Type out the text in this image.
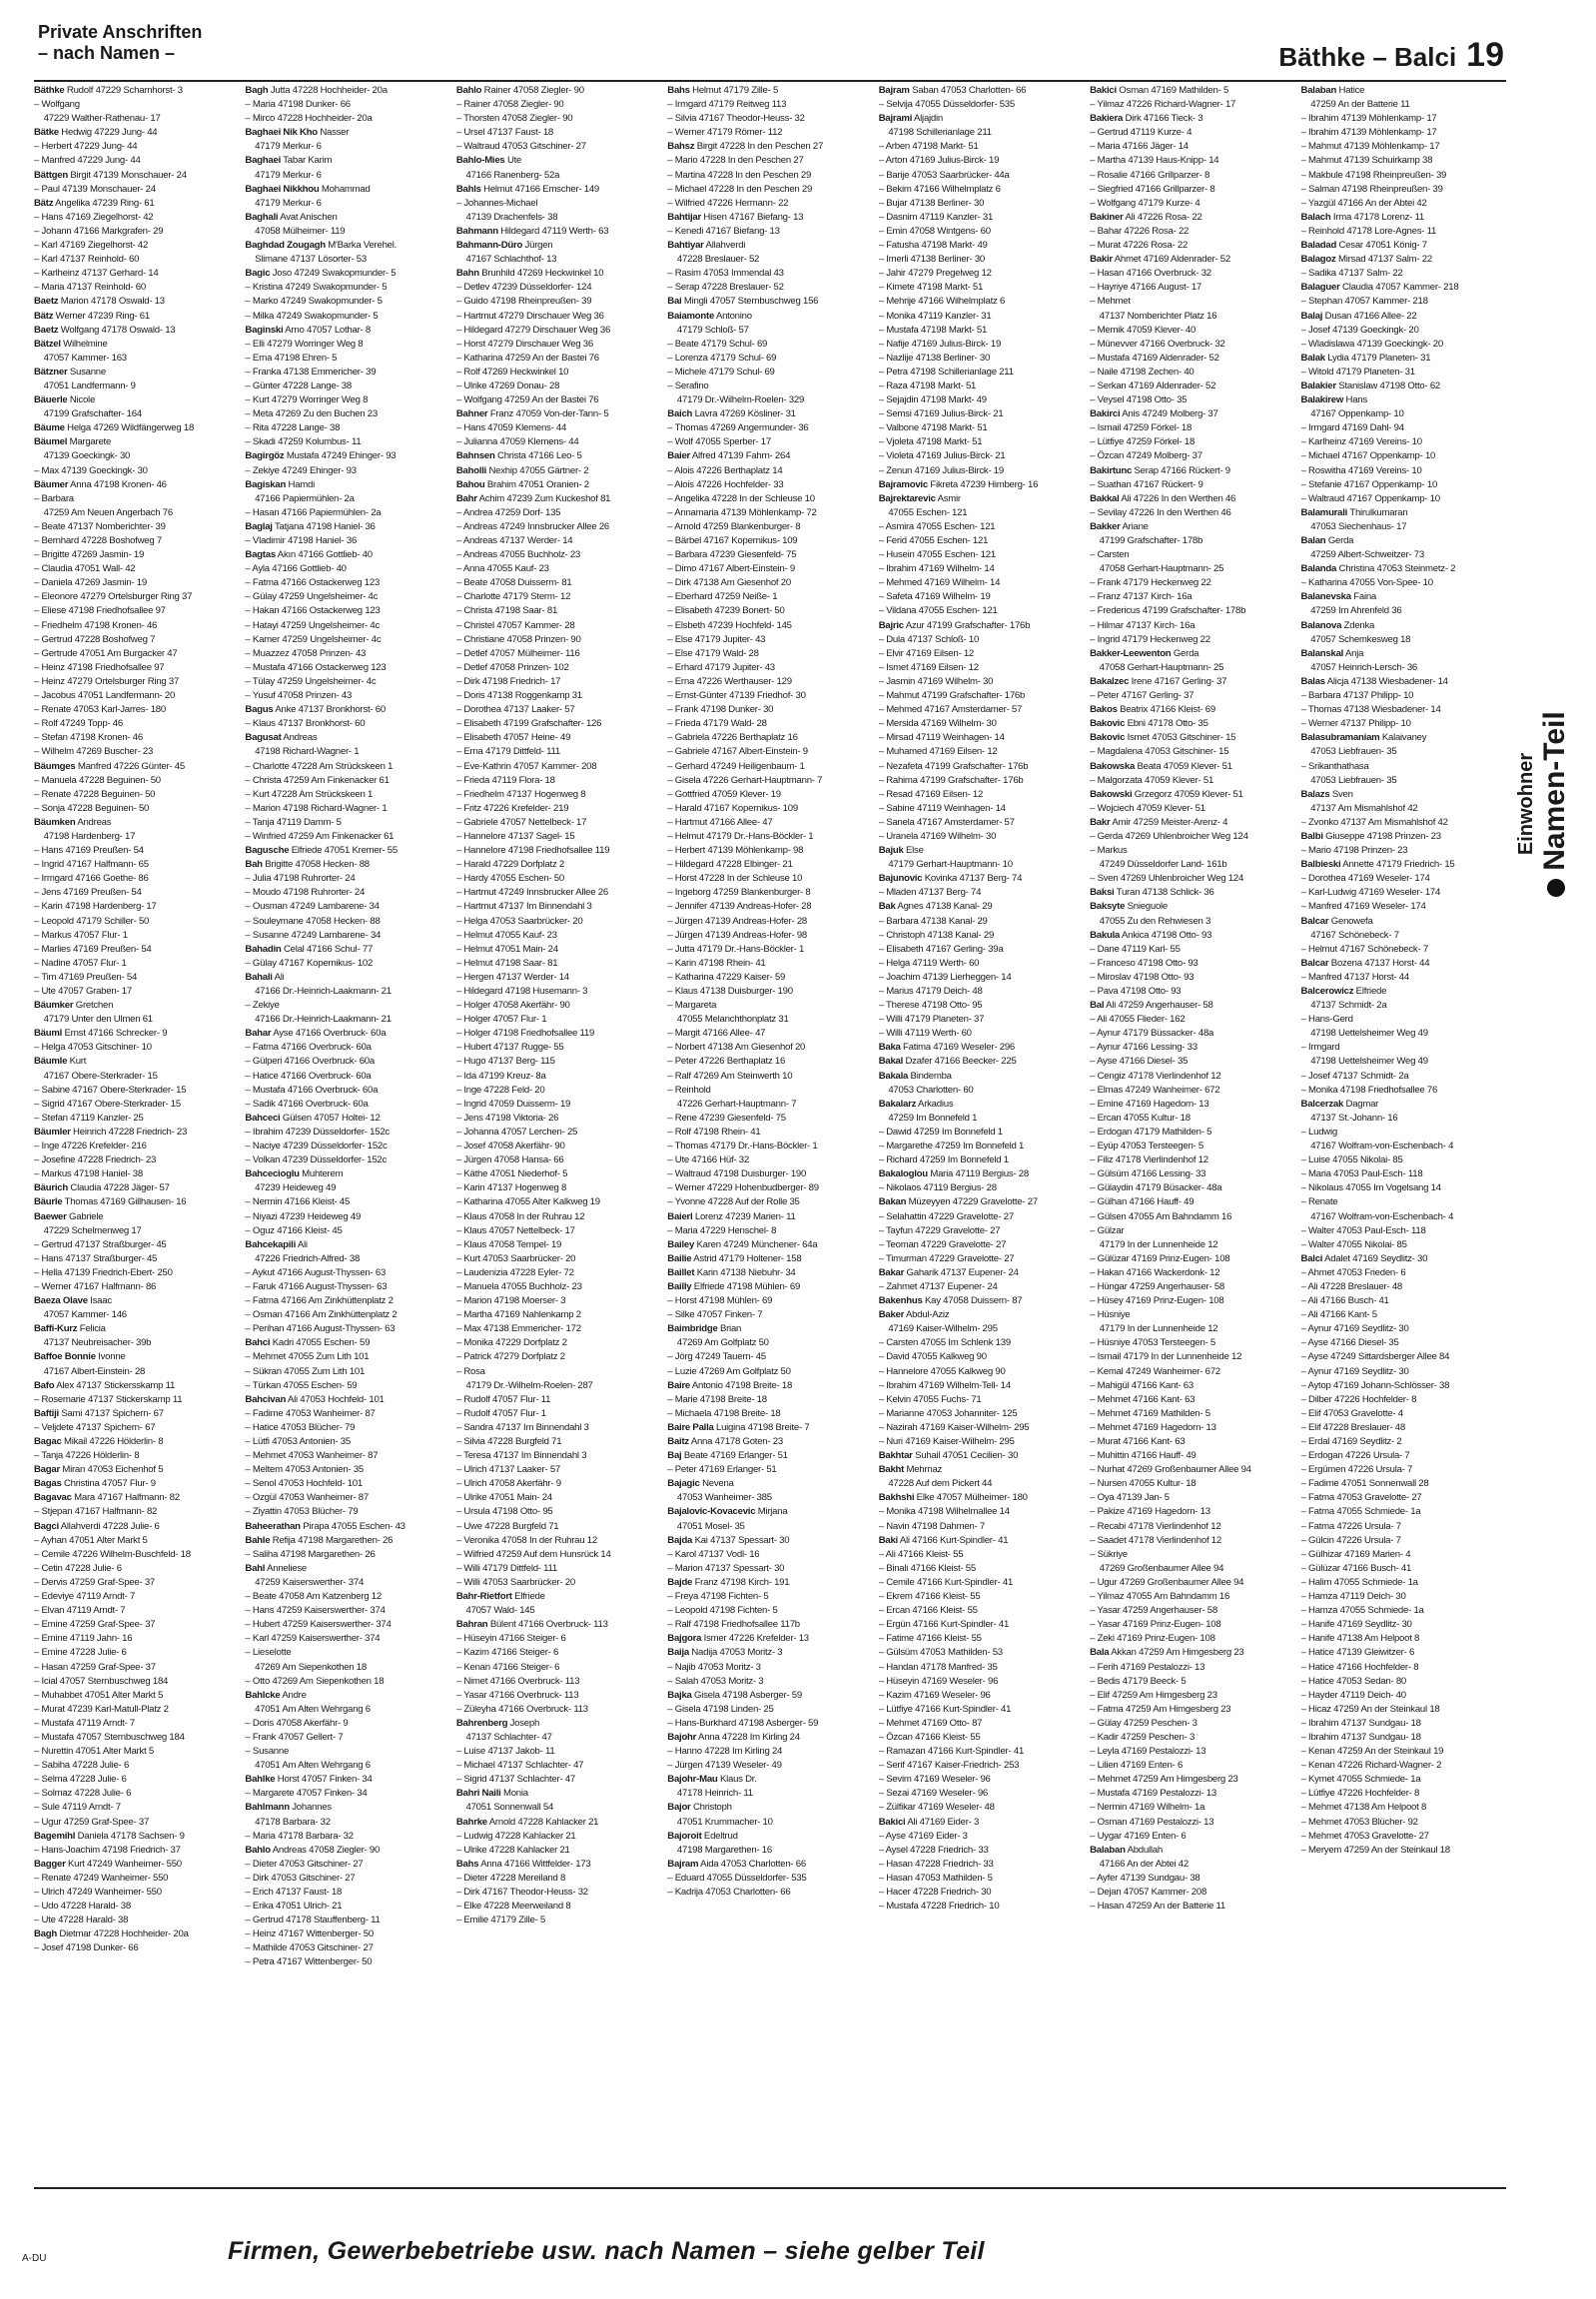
Private Anschriften
– nach Namen –	Bäthke – Balci 19
Bäthke Rudolf 47229 Scharnhorst- 3
– Wolfgang
47229 Walther-Rathenau- 17
Bätke Hedwig 47229 Jung- 44
– Herbert 47229 Jung- 44
– Manfred 47229 Jung- 44
Bättgen Birgit 47139 Monschauer- 24
– Paul 47139 Monschauer- 24
Bätz Angelika 47239 Ring- 61
– Hans 47169 Ziegelhorst- 42
– Johann 47166 Markgrafen- 29
– Karl 47169 Ziegelhorst- 42
– Karl 47137 Reinhold- 60
– Karlheinz 47137 Gerhard- 14
– Maria 47137 Reinhold- 60
Baetz Marion 47178 Oswald- 13
Bätz Werner 47239 Ring- 61
Baetz Wolfgang 47178 Oswald- 13
Bätzel Wilhelmine
47057 Kammer- 163
Bätzner Susanne
47051 Landfermann- 9
Bäuerle Nicole
47199 Grafschafter- 164
Bäume Helga 47269 Wildfängerweg 18
Bäumel Margarete
47139 Goeckingk- 30
– Max 47139 Goeckingk- 30
Bäumer Anna 47198 Kronen- 46
– Barbara
47259 Am Neuen Angerbach 76
– Beate 47137 Nomberichter- 39
– Bernhard 47228 Boshofweg 7
– Brigitte 47269 Jasmin- 19
– Claudia 47051 Wall- 42
– Daniela 47269 Jasmin- 19
– Eleonore 47279 Ortelsburger Ring 37
– Eliese 47198 Friedhofsallee 97
– Friedhelm 47198 Kronen- 46
– Gertrud 47228 Boshofweg 7
– Gertrude 47051 Am Burgacker 47
– Heinz 47198 Friedhofsallee 97
– Heinz 47279 Ortelsburger Ring 37
– Jacobus 47051 Landfermann- 20
– Renate 47053 Karl-Jarres- 180
– Rolf 47249 Topp- 46
– Stefan 47198 Kronen- 46
– Wilhelm 47269 Buscher- 23
Bäumges Manfred 47226 Günter- 45
– Manuela 47228 Beguinen- 50
– Renate 47228 Beguinen- 50
– Sonja 47228 Beguinen- 50
Bäumken Andreas
47198 Hardenberg- 17
– Hans 47169 Preußen- 54
– Ingrid 47167 Halfmann- 65
– Irmgard 47166 Goethe- 86
– Jens 47169 Preußen- 54
– Karin 47198 Hardenberg- 17
– Leopold 47179 Schiller- 50
– Markus 47057 Flur- 1
– Marlies 47169 Preußen- 54
– Nadine 47057 Flur- 1
– Tim 47169 Preußen- 54
– Ute 47057 Graben- 17
Bäumker Gretchen
47179 Unter den Ulmen 61
Bäuml Ernst 47166 Schrecker- 9
– Helga 47053 Gitschiner- 10
Bäumle Kurt
47167 Obere-Sterkrader- 15
– Sabine 47167 Obere-Sterkrader- 15
– Sigrid 47167 Obere-Sterkrader- 15
– Stefan 47119 Kanzler- 25
Bäumler Heinrich 47228 Friedrich- 23
– Inge 47226 Krefelder- 216
– Josefine 47228 Friedrich- 23
– Markus 47198 Haniel- 38
Bäurich Claudia 47228 Jäger- 57
Bäurle Thomas 47169 Gillhausen- 16
Baewer Gabriele
47229 Schelmenweg 17
– Gertrud 47137 Straßburger- 45
– Hans 47137 Straßburger- 45
– Hella 47139 Friedrich-Ebert- 250
– Werner 47167 Halfmann- 86
Baeza Olave Isaac
47057 Kammer- 146
Baffi-Kurz Felicia
47137 Neubreisacher- 39b
Baffoe Bonnie Ivonne
47167 Albert-Einstein- 28
Bafo Alex 47137 Stickersskamp 11
– Rosemarie 47137 Stickerskamp 11
Baftiji Sami 47137 Spichern- 67
– Veljdete 47137 Spichern- 67
Bagac Mikail 47226 Hölderlin- 8
– Tanja 47226 Hölderlin- 8
Bagar Miran 47053 Eichenhof 5
Bagas Christina 47057 Flur- 9
Bagavac Mara 47167 Halfmann- 82
– Stjepan 47167 Halfmann- 82
Bagci Allahverdi 47228 Julie- 6
– Ayhan 47051 Alter Markt 5
– Cemile 47226 Wilhelm-Buschfeld- 18
– Cetin 47228 Julie- 6
– Dervis 47259 Graf-Spee- 37
– Edeviye 47119 Arndt- 7
– Elvan 47119 Arndt- 7
– Emine 47259 Graf-Spee- 37
– Emine 47119 Jahn- 16
– Emine 47228 Julie- 6
– Hasan 47259 Graf-Spee- 37
– Icial 47057 Sternbuschweg 184
– Muhabbet 47051 Alter Markt 5
– Murat 47239 Karl-Matull-Platz 2
– Mustafa 47119 Arndt- 7
– Mustafa 47057 Sternbuschweg 184
– Nurettin 47051 Alter Markt 5
– Sabiha 47228 Julie- 6
– Selma 47228 Julie- 6
– Solmaz 47228 Julie- 6
– Sule 47119 Arndt- 7
– Ugur 47259 Graf-Spee- 37
Bagemihl Daniela 47178 Sachsen- 9
– Hans-Joachim 47198 Friedrich- 37
Bagger Kurt 47249 Wanheimer- 550
– Renate 47249 Wanheimer- 550
– Ulrich 47249 Wanheimer- 550
– Udo 47228 Harald- 38
– Ute 47228 Harald- 38
Bagh Dietmar 47228 Hochheider- 20a
– Josef 47198 Dunker- 66
Bagh Jutta 47228 Hochheider- 20a
– Maria 47198 Dunker- 66
– Mirco 47228 Hochheider- 20a
Baghaei Nik Kho Nasser
47179 Merkur- 6
Baghaei Tabar Karim
47179 Merkur- 6
Baghaei Nikkhou Mohammad
47179 Merkur- 6
Baghali Avat Anischen
47058 Mülheimer- 119
Baghdad Zougagh M'Barka Verehel.
Slimane 47137 Lösorter- 53
Bagic Joso 47249 Swakopmunder- 5
– Kristina 47249 Swakopmunder- 5
– Marko 47249 Swakopmunder- 5
– Milka 47249 Swakopmunder- 5
Baginski Arno 47057 Lothar- 8
– Elli 47279 Worringer Weg 8
– Erna 47198 Ehren- 5
– Franka 47138 Emmericher- 39
– Günter 47228 Lange- 38
– Kurt 47279 Worringer Weg 8
– Meta 47269 Zu den Buchen 23
– Rita 47228 Lange- 38
– Skadi 47259 Kolumbus- 11
Bagirgöz Mustafa 47249 Ehinger- 93
– Zekiye 47249 Ehinger- 93
Bagiskan Hamdi
47166 Papiermühlen- 2a
– Hasan 47166 Papiermühlen- 2a
Baglaj Tatjana 47198 Haniel- 36
– Vladimir 47198 Haniel- 36
Bagtas Akın 47166 Gottlieb- 40
– Ayla 47166 Gottlieb- 40
– Fatma 47166 Ostackerweg 123
– Gülay 47259 Ungelsheimer- 4c
– Hakan 47166 Ostackerweg 123
– Hatayi 47259 Ungelsheimer- 4c
– Kamer 47259 Ungelsheimer- 4c
– Muazzez 47058 Prinzen- 43
– Mustafa 47166 Ostackerweg 123
– Tülay 47259 Ungelsheimer- 4c
– Yusuf 47058 Prinzen- 43
Bagus Anke 47137 Bronkhorst- 60
– Klaus 47137 Bronkhorst- 60
Bagusat Andreas
47198 Richard-Wagner- 1
– Charlotte 47228 Am Strückskeen 1
– Christa 47259 Am Finkenacker 61
– Kurt 47228 Am Strückskeen 1
– Marion 47198 Richard-Wagner- 1
– Tanja 47119 Damm- 5
– Winfried 47259 Am Finkenacker 61
Bagusche Elfriede 47051 Kremer- 55
Bah Brigitte 47058 Hecken- 88
– Julia 47198 Ruhrorter- 24
– Moudo 47198 Ruhrorter- 24
– Ousman 47249 Lambarene- 34
– Souleymane 47058 Hecken- 88
– Susanne 47249 Lambarene- 34
Bahadin Celal 47166 Schul- 77
– Gülay 47167 Kopernikus- 102
Bahali Ali
47166 Dr.-Heinrich-Laakmann- 21
– Zekiye
47166 Dr.-Heinrich-Laakmann- 21
Bahar Ayse 47166 Overbruck- 60a
– Fatma 47166 Overbruck- 60a
– Gülperi 47166 Overbruck- 60a
– Hatice 47166 Overbruck- 60a
– Mustafa 47166 Overbruck- 60a
– Sadik 47166 Overbruck- 60a
Bahceci Gülsen 47057 Holtei- 12
– Ibrahim 47239 Düsseldorfer- 152c
– Naciye 47239 Düsseldorfer- 152c
– Volkan 47239 Düsseldorfer- 152c
Bahcecioglu Muhterem
47239 Heideweg 49
– Nermin 47166 Kleist- 45
– Niyazi 47239 Heideweg 49
– Oguz 47166 Kleist- 45
Bahcekapili Ali
47226 Friedrich-Alfred- 38
– Aykut 47166 August-Thyssen- 63
– Faruk 47166 August-Thyssen- 63
– Fatma 47166 Am Zinkhüttenplatz 2
– Osman 47166 Am Zinkhüttenplatz 2
– Perihan 47166 August-Thyssen- 63
Bahci Kadri 47055 Eschen- 59
– Mehmet 47055 Zum Lith 101
– Sükran 47055 Zum Lith 101
– Türkan 47055 Eschen- 59
Bahcivan Ali 47053 Hochfeld- 101
– Fadime 47053 Wanheimer- 87
– Hatice 47053 Blücher- 79
– Lütfi 47053 Antonien- 35
– Mehmet 47053 Wanheimer- 87
– Meltem 47053 Antonien- 35
– Senol 47053 Hochfeld- 101
– Ozgül 47053 Wanheimer- 87
– Ziyattin 47053 Blücher- 79
Baheerathan Pirapa 47055 Eschen- 43
Bahle Refija 47198 Margarethen- 26
– Saliha 47198 Margarethen- 26
Bahl Anneliese
47259 Kaiserswerther- 374
– Beate 47058 Am Katzenberg 12
– Hans 47259 Kaiserswerther- 374
– Hubert 47259 Kaiserswerther- 374
– Karl 47259 Kaiserswerther- 374
– Lieselotte
47269 Am Siepenkothen 18
– Otto 47269 Am Siepenkothen 18
Bahlcke Andre
47051 Am Alten Wehrgang 6
– Doris 47058 Akerfähr- 9
– Frank 47057 Gellert- 7
– Susanne
47051 Am Alten Wehrgang 6
Bahlke Horst 47057 Finken- 34
– Margarete 47057 Finken- 34
Bahlmann Johannes
47178 Barbara- 32
– Maria 47178 Barbara- 32
Bahlo Andreas 47058 Ziegler- 90
– Dieter 47053 Gitschiner- 27
– Dirk 47053 Gitschiner- 27
– Erich 47137 Faust- 18
– Erika 47051 Ulrich- 21
– Gertrud 47178 Stauffenberg- 11
– Heinz 47167 Wittenberger- 50
– Mathilde 47053 Gitschiner- 27
– Petra 47167 Wittenberger- 50
Bahlo Rainer 47058 Ziegler- 90
– Rainer 47058 Ziegler- 90
– Thorsten 47058 Ziegler- 90
– Ursel 47137 Faust- 18
– Waltraud 47053 Gitschiner- 27
Bahlo-Mies Ute
47166 Ranenberg- 52a
Bahls Helmut 47166 Emscher- 149
– Johannes-Michael
47139 Drachenfels- 38
Bahmann Hildegard 47119 Werth- 63
Bahmann-Düro Jürgen
47167 Schlachthof- 13
Bahn Brunhild 47269 Heckwinkel 10
– Detlev 47239 Düsseldorfer- 124
– Guido 47198 Rheinpreußen- 39
– Hartmut 47279 Dirschauer Weg 36
– Hildegard 47279 Dirschauer Weg 36
– Horst 47279 Dirschauer Weg 36
– Katharina 47259 An der Bastei 76
– Rolf 47269 Heckwinkel 10
– Ulrike 47269 Donau- 28
– Wolfgang 47259 An der Bastei 76
Bahner Franz 47059 Von-der-Tann- 5
– Hans 47059 Klemens- 44
– Julianna 47059 Klemens- 44
Bahnsen Christa 47166 Leo- 5
Baholli Nexhip 47055 Gärtner- 2
Bahou Brahim 47051 Oranien- 2
Bahr Achim 47239 Zum Kuckeshof 81
– Andrea 47259 Dorf- 135
– Andreas 47249 Innsbrucker Allee 26
– Andreas 47137 Werder- 14
– Andreas 47055 Buchholz- 23
– Anna 47055 Kauf- 23
– Beate 47058 Duisserm- 81
– Charlotte 47179 Sterm- 12
– Christa 47198 Saar- 81
– Christel 47057 Kammer- 28
– Christiane 47058 Prinzen- 90
– Detlef 47057 Mülheimer- 116
– Detlef 47058 Prinzen- 102
– Dirk 47198 Friedrich- 17
– Doris 47138 Roggenkamp 31
– Dorothea 47137 Laaker- 57
– Elisabeth 47199 Grafschafter- 126
– Elisabeth 47057 Heine- 49
– Erna 47179 Dittfeld- 111
– Eve-Kathrin 47057 Kammer- 208
– Frieda 47119 Flora- 18
– Friedhelm 47137 Hogenweg 8
– Fritz 47226 Krefelder- 219
– Gabriele 47057 Nettelbeck- 17
– Hannelore 47137 Sagel- 15
– Hannelore 47198 Friedhofsallee 119
– Harald 47229 Dorfplatz 2
– Hardy 47055 Eschen- 50
– Hartmut 47249 Innsbrucker Allee 26
– Hartmut 47137 Im Binnendahl 3
– Helga 47053 Saarbrücker- 20
– Helmut 47055 Kauf- 23
– Helmut 47051 Main- 24
– Helmut 47198 Saar- 81
– Hergen 47137 Werder- 14
– Hildegard 47198 Husemann- 3
– Holger 47058 Akerfähr- 90
– Holger 47057 Flur- 1
– Holger 47198 Friedhofsallee 119
– Hubert 47137 Rugge- 55
– Hugo 47137 Berg- 115
– Ida 47199 Kreuz- 8a
– Inge 47228 Feld- 20
– Ingrid 47059 Duisserm- 19
– Jens 47198 Viktoria- 26
– Johanna 47057 Lerchen- 25
– Josef 47058 Akerfähr- 90
– Jürgen 47058 Hansa- 66
– Käthe 47051 Niederhof- 5
– Karin 47137 Hogenweg 8
– Katharina 47055 Alter Kalkweg 19
– Klaus 47058 In der Ruhrau 12
– Klaus 47057 Nettelbeck- 17
– Klaus 47058 Tempel- 19
– Kurt 47053 Saarbrücker- 20
– Laudenizia 47228 Eyler- 72
– Manuela 47055 Buchholz- 23
– Marion 47198 Moerser- 3
– Martha 47169 Nahlenkamp 2
– Max 47138 Emmericher- 172
– Monika 47229 Dorfplatz 2
– Patrick 47279 Dorfplatz 2
– Rosa
47179 Dr.-Wilhelm-Roelen- 287
– Rudolf 47057 Flur- 11
– Rudolf 47057 Flur- 1
– Sandra 47137 Im Binnendahl 3
– Silvia 47228 Burgfeld 71
– Teresa 47137 Im Binnendahl 3
– Ulrich 47137 Laaker- 57
– Ulrich 47058 Akerfähr- 9
– Ulrike 47051 Main- 24
– Ursula 47198 Otto- 95
– Uwe 47228 Burgfeld 71
– Veronika 47058 In der Ruhrau 12
– Wilfried 47259 Auf dem Hunsrück 14
– Willi 47179 Dittfeld- 111
– Willi 47053 Saarbrücker- 20
Bahr-Rietfort Elfriede
47057 Wald- 145
Bahran Bülent 47166 Overbruck- 113
– Hüseyin 47166 Steiger- 6
– Kazim 47166 Steiger- 6
– Kenan 47166 Steiger- 6
– Nimet 47166 Overbruck- 113
– Yasar 47166 Overbruck- 113
– Züleyha 47166 Overbruck- 113
Bahrenberg Joseph
47137 Schlachter- 47
– Luise 47137 Jakob- 11
– Michael 47137 Schlachter- 47
– Sigrid 47137 Schlachter- 47
Bahri Naili Monia
47051 Sonnenwall 54
Bahrke Arnold 47228 Kahlacker 21
– Ludwig 47228 Kahlacker 21
– Ulrike 47228 Kahlacker 21
Bahs Anna 47166 Wittfelder- 173
– Dieter 47228 Mereiland 8
– Dirk 47167 Theodor-Heuss- 32
– Elke 47228 Meerweiland 8
– Emilie 47179 Zille- 5
Bahs Helmut 47179 Zille- 5
– Irmgard 47179 Reitweg 113
– Silvia 47167 Theodor-Heuss- 32
– Werner 47179 Römer- 112
Bahsz Birgit 47228 In den Peschen 27
– Mario 47228 In den Peschen 27
– Martina 47228 In den Peschen 29
– Michael 47228 In den Peschen 29
– Wilfried 47226 Hermann- 22
Bahtijar Hisen 47167 Biefang- 13
– Kenedi 47167 Biefang- 13
Bahtiyar Allahverdi
47228 Breslauer- 52
– Rasim 47053 Immendal 43
– Serap 47228 Breslauer- 52
Bai Mingli 47057 Sternbuschweg 156
Baiamonte Antonino
47179 Schloß- 57
– Beate 47179 Schul- 69
– Lorenza 47179 Schul- 69
– Michele 47179 Schul- 69
– Serafino
47179 Dr.-Wilhelm-Roelen- 329
Baich Lavra 47269 Kösliner- 31
– Thomas 47269 Angermunder- 36
– Wolf 47055 Sperber- 17
Baier Alfred 47139 Fahrn- 264
– Alois 47226 Berthaplatz 14
– Alois 47226 Hochfelder- 33
– Angelika 47228 In der Schleuse 10
– Annamaria 47139 Möhlenkamp- 72
– Arnold 47259 Blankenburger- 8
– Bärbel 47167 Kopernikus- 109
– Barbara 47239 Giesenfeld- 75
– Dimo 47167 Albert-Einstein- 9
– Dirk 47138 Am Giesenhof 20
– Eberhard 47259 Neiße- 1
– Elisabeth 47239 Bonert- 50
– Elsbeth 47239 Hochfeld- 145
– Else 47179 Jupiter- 43
– Else 47179 Wald- 28
– Erhard 47179 Jupiter- 43
– Erna 47226 Werthauser- 129
– Ernst-Günter 47139 Friedhof- 30
– Frank 47198 Dunker- 30
– Frieda 47179 Wald- 28
– Gabriela 47226 Berthaplatz 16
– Gabriele 47167 Albert-Einstein- 9
– Gerhard 47249 Heiligenbaum- 1
– Gisela 47226 Gerhart-Hauptmann- 7
– Gottfried 47059 Klever- 19
– Harald 47167 Kopernikus- 109
– Hartmut 47166 Allee- 47
– Helmut 47179 Dr.-Hans-Böckler- 1
– Herbert 47139 Möhlenkamp- 98
– Hildegard 47228 Elbinger- 21
– Horst 47228 In der Schleuse 10
– Ingeborg 47259 Blankenburger- 8
– Jennifer 47139 Andreas-Hofer- 28
– Jürgen 47139 Andreas-Hofer- 28
– Jürgen 47139 Andreas-Hofer- 98
– Jutta 47179 Dr.-Hans-Böckler- 1
– Karin 47198 Rhein- 41
– Katharina 47229 Kaiser- 59
– Klaus 47138 Duisburger- 190
– Margareta
47055 Melanchthonplatz 31
– Margit 47166 Allee- 47
– Norbert 47138 Am Giesenhof 20
– Peter 47226 Berthaplatz 16
– Ralf 47269 Am Steinwerth 10
– Reinhold
47226 Gerhart-Hauptmann- 7
– Rene 47239 Giesenfeld- 75
– Rolf 47198 Rhein- 41
– Thomas 47179 Dr.-Hans-Böckler- 1
– Ute 47166 Hüf- 32
– Waltraud 47198 Duisburger- 190
– Werner 47229 Hohenbudberger- 89
– Yvonne 47228 Auf der Rolle 35
Baierl Lorenz 47239 Marien- 11
– Maria 47229 Henschel- 8
Bailey Karen 47249 Münchener- 64a
Bailie Astrid 47179 Holtener- 158
Baillet Karin 47138 Niebuhr- 34
Bailly Elfriede 47198 Mühlen- 69
– Horst 47198 Mühlen- 69
– Silke 47057 Finken- 7
Baimbridge Brian
47269 Am Golfplatz 50
– Jörg 47249 Tauern- 45
– Luzie 47269 Am Golfplatz 50
Baire Antonio 47198 Breite- 18
– Marie 47198 Breite- 18
– Michaela 47198 Breite- 18
Baire Palla Luigina 47198 Breite- 7
Baitz Anna 47178 Goten- 23
Baj Beate 47169 Erlanger- 51
– Peter 47169 Erlanger- 51
Bajagic Nevena
47053 Wanheimer- 385
Bajalovic-Kovacevic Mirjana
47051 Mosel- 35
Bajda Kai 47137 Spessart- 30
– Karol 47137 Vodl- 16
– Marion 47137 Spessart- 30
Bajde Franz 47198 Kirch- 191
– Freya 47198 Fichten- 5
– Leopold 47198 Fichten- 5
– Ralf 47198 Friedhofsallee 117b
Bajgora Ismer 47226 Krefelder- 13
Baija Nadija 47053 Moritz- 3
– Najib 47053 Moritz- 3
– Salah 47053 Moritz- 3
Bajka Gisela 47198 Asberger- 59
– Gisela 47198 Linden- 25
– Hans-Burkhard 47198 Asberger- 59
Bajohr Anna 47228 Im Kirling 24
– Hanno 47228 Im Kirling 24
– Jürgen 47139 Weseler- 49
Bajohr-Mau Klaus Dr.
47178 Heinrich- 11
Bajor Christoph
47051 Krummacher- 10
Bajoroit Edeltrud
47198 Margarethen- 16
Bajram Aida 47053 Charlotten- 66
– Eduard 47055 Düsseldorfer- 535
– Kadrija 47053 Charlotten- 66
Bajram Saban 47053 Charlotten- 66
– Selvija 47055 Düsseldorfer- 535
Bajrami Aljajdin
47198 Schillerianlage 211
– Arben 47198 Markt- 51
– Arton 47169 Julius-Birck- 19
– Barije 47053 Saarbrücker- 44a
– Bekim 47166 Wilhelmplatz 6
– Bujar 47138 Berliner- 30
– Dasnim 47119 Kanzler- 31
– Emin 47058 Wintgens- 60
– Fatusha 47198 Markt- 49
– Imerli 47138 Berliner- 30
– Jahir 47279 Pregelweg 12
– Kimete 47198 Markt- 51
– Mehrije 47166 Wilhelmplatz 6
– Monika 47119 Kanzler- 31
– Mustafa 47198 Markt- 51
– Nafije 47169 Julius-Birck- 19
– Nazlije 47138 Berliner- 30
– Petra 47198 Schillerianlage 211
– Raza 47198 Markt- 51
– Sejajdin 47198 Markt- 49
– Semsi 47169 Julius-Birck- 21
– Valbone 47198 Markt- 51
– Vjoleta 47198 Markt- 51
– Violeta 47169 Julius-Birck- 21
– Zenun 47169 Julius-Birck- 19
Bajramovic Fikreta 47239 Himberg- 16
Bajrektarevic Asmir
47055 Eschen- 121
– Asmira 47055 Eschen- 121
– Ferid 47055 Eschen- 121
– Husein 47055 Eschen- 121
– Ibrahim 47169 Wilhelm- 14
– Mehmed 47169 Wilhelm- 14
– Safeta 47169 Wilhelm- 19
– Vildana 47055 Eschen- 121
Bajric Azur 47199 Grafschafter- 176b
– Dula 47137 Schloß- 10
– Elvir 47169 Eilsen- 12
– Ismet 47169 Eilsen- 12
– Jasmin 47169 Wilhelm- 30
– Mahmut 47199 Grafschafter- 176b
– Mehmed 47167 Amsterdamer- 57
– Mersida 47169 Wilhelm- 30
– Mirsad 47119 Weinhagen- 14
– Muhamed 47169 Eilsen- 12
– Nezafeta 47199 Grafschafter- 176b
– Rahima 47199 Grafschafter- 176b
– Resad 47169 Eilsen- 12
– Sabine 47119 Weinhagen- 14
– Sanela 47167 Amsterdamer- 57
– Uranela 47169 Wilhelm- 30
Bajuk Else
47179 Gerhart-Hauptmann- 10
Bajunovic Kovinka 47137 Berg- 74
– Mladen 47137 Berg- 74
Bak Agnes 47138 Kanal- 29
– Barbara 47138 Kanal- 29
– Christoph 47138 Kanal- 29
– Elisabeth 47167 Gerling- 39a
– Helga 47119 Werth- 60
– Joachim 47139 Lierheggen- 14
– Marius 47179 Deich- 48
– Therese 47198 Otto- 95
– Willi 47179 Planeten- 37
– Willi 47119 Werth- 60
Baka Fatima 47169 Weseler- 296
Bakal Dzafer 47166 Beecker- 225
Bakala Bindemba
47053 Charlotten- 60
Bakalarz Arkadius
47259 Im Bonnefeld 1
– Dawid 47259 Im Bonnefeld 1
– Margarethe 47259 Im Bonnefeld 1
– Richard 47259 Im Bonnefeld 1
Bakaloglou Maria 47119 Bergius- 28
– Nikolaos 47119 Bergius- 28
Bakan Müzeyyen 47229 Gravelotte- 27
– Selahattin 47229 Gravelotte- 27
– Tayfun 47229 Gravelotte- 27
– Teoman 47229 Gravelotte- 27
– Timurman 47229 Gravelotte- 27
Bakar Gaharik 47137 Eupener- 24
– Zahmet 47137 Eupener- 24
Bakenhus Kay 47058 Duissern- 87
Baker Abdul-Aziz
47169 Kaiser-Wilhelm- 295
– Carsten 47055 Im Schlenk 139
– David 47055 Kalkweg 90
– Hannelore 47055 Kalkweg 90
– Ibrahim 47169 Wilhelm-Tell- 14
– Kelvin 47055 Fuchs- 71
– Marianne 47053 Johanniter- 125
– Nazirah 47169 Kaiser-Wilhelm- 295
– Nuri 47169 Kaiser-Wilhelm- 295
Bakhtar Suhail 47051 Cecilien- 30
Bakht Mehrnaz
47228 Auf dem Pickert 44
Bakhshi Elke 47057 Mülheimer- 180
– Monika 47198 Wilhelmallee 14
– Navin 47198 Dahmen- 7
Baki Ali 47166 Kurt-Spindler- 41
– Ali 47166 Kleist- 55
– Binali 47166 Kleist- 55
– Cemile 47166 Kurt-Spindler- 41
– Ekrem 47166 Kleist- 55
– Ercan 47166 Kleist- 55
– Ergün 47166 Kurt-Spindler- 41
– Fatime 47166 Kleist- 55
– Gülsüm 47053 Mathilden- 53
– Handan 47178 Manfred- 35
– Hüseyin 47169 Weseler- 96
– Kazim 47169 Weseler- 96
– Lütfiye 47166 Kurt-Spindler- 41
– Mehmet 47169 Otto- 87
– Özcan 47166 Kleist- 55
– Ramazan 47166 Kurt-Spindler- 41
– Serif 47167 Kaiser-Friedrich- 253
– Sevim 47169 Weseler- 96
– Sezai 47169 Weseler- 96
– Zülfikar 47169 Weseler- 48
Bakici Ali 47169 Eider- 3
– Ayse 47169 Eider- 3
– Aysel 47228 Friedrich- 33
– Hasan 47228 Friedrich- 33
– Hasan 47053 Mathilden- 5
– Hacer 47228 Friedrich- 30
– Mustafa 47228 Friedrich- 10
Bakici Osman 47169 Mathilden- 5
– Yilmaz 47226 Richard-Wagner- 17
Bakiera Dirk 47166 Tieck- 3
– Gertrud 47119 Kurze- 4
– Maria 47166 Jäger- 14
– Martha 47139 Haus-Knipp- 14
– Rosalie 47166 Grillparzer- 8
– Siegfried 47166 Grillparzer- 8
– Wolfgang 47179 Kurze- 4
Bakiner Ali 47226 Rosa- 22
– Bahar 47226 Rosa- 22
– Murat 47226 Rosa- 22
Bakir Ahmet 47169 Aldenrader- 52
– Hasan 47166 Overbruck- 32
– Hayriye 47166 August- 17
– Mehmet
47137 Nomberichter Platz 16
– Memik 47059 Klever- 40
– Münevver 47166 Overbruck- 32
– Mustafa 47169 Aldenrader- 52
– Naile 47198 Zechen- 40
– Serkan 47169 Aldenrader- 52
– Veysel 47198 Otto- 35
Bakirci Anis 47249 Molberg- 37
– Ismail 47259 Förkel- 18
– Lütfiye 47259 Förkel- 18
– Özcan 47249 Molberg- 37
Bakirtunc Serap 47166 Rückert- 9
– Suathan 47167 Rückert- 9
Bakkal Ali 47226 In den Werthen 46
– Sevilay 47226 In den Werthen 46
Bakker Ariane
47199 Grafschafter- 178b
– Carsten
47058 Gerhart-Hauptmann- 25
– Frank 47179 Heckenweg 22
– Franz 47137 Kirch- 16a
– Fredericus 47199 Grafschafter- 178b
– Hilmar 47137 Kirch- 16a
– Ingrid 47179 Heckenweg 22
Bakker-Leewenton Gerda
47058 Gerhart-Hauptmann- 25
Bakalzec Irene 47167 Gerling- 37
– Peter 47167 Gerling- 37
Bakos Beatrix 47166 Kleist- 69
Bakovic Ebni 47178 Otto- 35
Bakovic Ismet 47053 Gitschiner- 15
– Magdalena 47053 Gitschiner- 15
Bakowska Beata 47059 Klever- 51
– Malgorzata 47059 Klever- 51
Bakowski Grzegorz 47059 Klever- 51
– Wojciech 47059 Klever- 51
Bakr Amir 47259 Meister-Arenz- 4
– Gerda 47269 Uhlenbroicher Weg 124
– Markus
47249 Düsseldorfer Land- 161b
– Sven 47269 Uhlenbroicher Weg 124
Baksi Turan 47138 Schlick- 36
Baksyte Snieguole
47055 Zu den Rehwiesen 3
Bakula Ankica 47198 Otto- 93
– Dane 47119 Karl- 55
– Franceso 47198 Otto- 93
– Miroslav 47198 Otto- 93
– Pava 47198 Otto- 93
Bal Ali 47259 Angerhauser- 58
– Ali 47055 Flieder- 162
– Aynur 47179 Büssacker- 48a
– Aynur 47166 Lessing- 33
– Ayse 47166 Diesel- 35
– Cengiz 47178 Vierlindenhof 12
– Elmas 47249 Wanheimer- 672
– Emine 47169 Hagedorn- 13
– Ercan 47055 Kultur- 18
– Erdogan 47179 Mathilden- 5
– Eyüp 47053 Tersteegen- 5
– Filiz 47178 Vierlindenhof 12
– Gülsüm 47166 Lessing- 33
– Gülaydin 47179 Büsacker- 48a
– Gülhan 47166 Hauff- 49
– Gülsen 47055 Am Bahndamm 16
– Gülzar
47179 In der Lunnenheide 12
– Gülüzar 47169 Prinz-Eugen- 108
– Hakan 47166 Wackerdonk- 12
– Hüngar 47259 Angerhauser- 58
– Hüsey 47169 Prinz-Eugen- 108
– Hüsniye
47179 In der Lunnenheide 12
– Hüsniye 47053 Tersteegen- 5
– Ismail 47179 In der Lunnenheide 12
– Kemal 47249 Wanheimer- 672
– Mahigül 47166 Kant- 63
– Mehmet 47166 Kant- 63
– Mehmet 47169 Mathilden- 5
– Mehmet 47169 Hagedorn- 13
– Murat 47166 Kant- 63
– Muhittin 47166 Hauff- 49
– Nurhat 47269 Großenbaumer Allee 94
– Nursen 47055 Kultur- 18
– Oya 47139 Jan- 5
– Pakize 47169 Hagedorn- 13
– Recabi 47178 Vierlindenhof 12
– Saadet 47178 Vierlindenhof 12
– Sükriye
47269 Großenbaumer Allee 94
– Ugur 47269 Großenbaumer Allee 94
– Yilmaz 47055 Am Bahndamm 16
– Yasar 47259 Angerhauser- 58
– Yasar 47169 Prinz-Eugen- 108
– Zeki 47169 Prinz-Eugen- 108
Bala Akkan 47259 Am Himgesberg 23
– Ferih 47169 Pestalozzi- 13
– Bedis 47179 Beeck- 5
– Elif 47259 Am Himgesberg 23
– Fatma 47259 Am Himgesberg 23
– Gülay 47259 Peschen- 3
– Kadir 47259 Peschen- 3
– Leyla 47169 Pestalozzi- 13
– Lilien 47169 Enten- 6
– Mehmet 47259 Am Himgesberg 23
– Mustafa 47169 Pestalozzi- 13
– Nermin 47169 Wilhelm- 1a
– Osman 47169 Pestalozzi- 13
– Uygar 47169 Enten- 6
Balaban Abdullah
47166 An der Abtei 42
– Ayfer 47139 Sundgau- 38
– Dejan 47057 Kammer- 208
– Hasan 47259 An der Batterie 11
Balaban Hatice
47259 An der Batterie 11
– Ibrahim 47139 Möhlenkamp- 17
– Ibrahim 47139 Möhlenkamp- 17
– Mahmut 47139 Möhlenkamp- 17
– Mahmut 47139 Schuirkamp 38
– Makbule 47198 Rheinpreußen- 39
– Salman 47198 Rheinpreußen- 39
– Yazgül 47166 An der Abtei 42
Balach Irma 47178 Lorenz- 11
– Reinhold 47178 Lore-Agnes- 11
Baladad Cesar 47051 König- 7
Balagoz Mirsad 47137 Salm- 22
– Sadika 47137 Salm- 22
Balaguer Claudia 47057 Kammer- 218
– Stephan 47057 Kammer- 218
Balaj Dusan 47166 Allee- 22
– Josef 47139 Goeckingk- 20
– Wladislawa 47139 Goeckingk- 20
Balak Lydia 47179 Planeten- 31
– Witold 47179 Planeten- 31
Balakier Stanislaw 47198 Otto- 62
Balakirew Hans
47167 Oppenkamp- 10
– Irmgard 47169 Dahl- 94
– Karlheinz 47169 Vereins- 10
– Michael 47167 Oppenkamp- 10
– Roswitha 47169 Vereins- 10
– Stefanie 47167 Oppenkamp- 10
– Waltraud 47167 Oppenkamp- 10
Balamurali Thirulkumaran
47053 Siechenhaus- 17
Balan Gerda
47259 Albert-Schweitzer- 73
Balanda Christina 47053 Steinmetz- 2
– Katharina 47055 Von-Spee- 10
Balanevska Faina
47259 Im Ahrenfeld 36
Balanova Zdenka
47057 Schemkesweg 18
Balanskal Anja
47057 Heinrich-Lersch- 36
Balas Alicja 47138 Wiesbadener- 14
– Barbara 47137 Philipp- 10
– Thomas 47138 Wiesbadener- 14
– Werner 47137 Philipp- 10
Balasubramaniam Kalaivaney
47053 Liebfrauen- 35
– Srikanthathasa
47053 Liebfrauen- 35
Balazs Sven
47137 Am Mismahlshof 42
– Zvonko 47137 Am Mismahlshof 42
Balbi Giuseppe 47198 Prinzen- 23
– Mario 47198 Prinzen- 23
Balbieski Annette 47179 Friedrich- 15
– Dorothea 47169 Weseler- 174
– Karl-Ludwig 47169 Weseler- 174
– Manfred 47169 Weseler- 174
Balcar Genowefa
47167 Schönebeck- 7
– Helmut 47167 Schönebeck- 7
Balcar Bozena 47137 Horst- 44
– Manfred 47137 Horst- 44
Balcerowicz Elfriede
47137 Schmidt- 2a
– Hans-Gerd
47198 Uettelsheimer Weg 49
– Irmgard
47198 Uettelsheimer Weg 49
– Josef 47137 Schmidt- 2a
– Monika 47198 Friedhofsallee 76
Balcerzak Dagmar
47137 St.-Johann- 16
– Ludwig
47167 Wolfram-von-Eschenbach- 4
– Luise 47055 Nikolai- 85
– Maria 47053 Paul-Esch- 118
– Nikolaus 47055 Im Vogelsang 14
– Renate
47167 Wolfram-von-Eschenbach- 4
– Walter 47053 Paul-Esch- 118
– Walter 47055 Nikolai- 85
Balci Adalet 47169 Seydlitz- 30
– Ahmet 47053 Frieden- 6
– Ali 47228 Breslauer- 48
– Ali 47166 Busch- 41
– Ali 47166 Kant- 5
– Aynur 47169 Seydlitz- 30
– Ayse 47166 Diesel- 35
– Ayse 47249 Sittardsberger Allee 84
– Aynur 47169 Seydlitz- 30
– Aytop 47169 Johann-Schlösser- 38
– Dilber 47226 Hochfelder- 8
– Elif 47053 Gravelotte- 4
– Elif 47228 Breslauer- 48
– Erdal 47169 Seydlitz- 2
– Erdogan 47226 Ursula- 7
– Ergümen 47226 Ursula- 7
– Fadime 47051 Sonnenwall 28
– Fatma 47053 Gravelotte- 27
– Fatma 47055 Schmiede- 1a
– Fatma 47226 Ursula- 7
– Gülcin 47226 Ursula- 7
– Gülhizar 47169 Marien- 4
– Gülüzar 47166 Busch- 41
– Halim 47055 Schmiede- 1a
– Hamza 47119 Deich- 30
– Hamza 47055 Schmiede- 1a
– Hanife 47169 Seydlitz- 30
– Hanife 47138 Am Helpoot 8
– Hatice 47139 Gleiwitzer- 6
– Hatice 47166 Hochfelder- 8
– Hatice 47053 Sedan- 80
– Hayder 47119 Deich- 40
– Hicaz 47259 An der Steinkaul 18
– Ibrahim 47137 Sundgau- 18
– Ibrahim 47137 Sundgau- 18
– Kenan 47259 An der Steinkaul 19
– Kenan 47226 Richard-Wagner- 2
– Kymet 47055 Schmiede- 1a
– Lütfiye 47226 Hochfelder- 8
– Mehmet 47138 Am Helpoot 8
– Mehmet 47053 Blücher- 92
– Mehmet 47053 Gravelotte- 27
– Meryem 47259 An der Steinkaul 18
Einwohner Namen-Teil
A-DU	Firmen, Gewerbebetriebe usw. nach Namen – siehe gelber Teil
